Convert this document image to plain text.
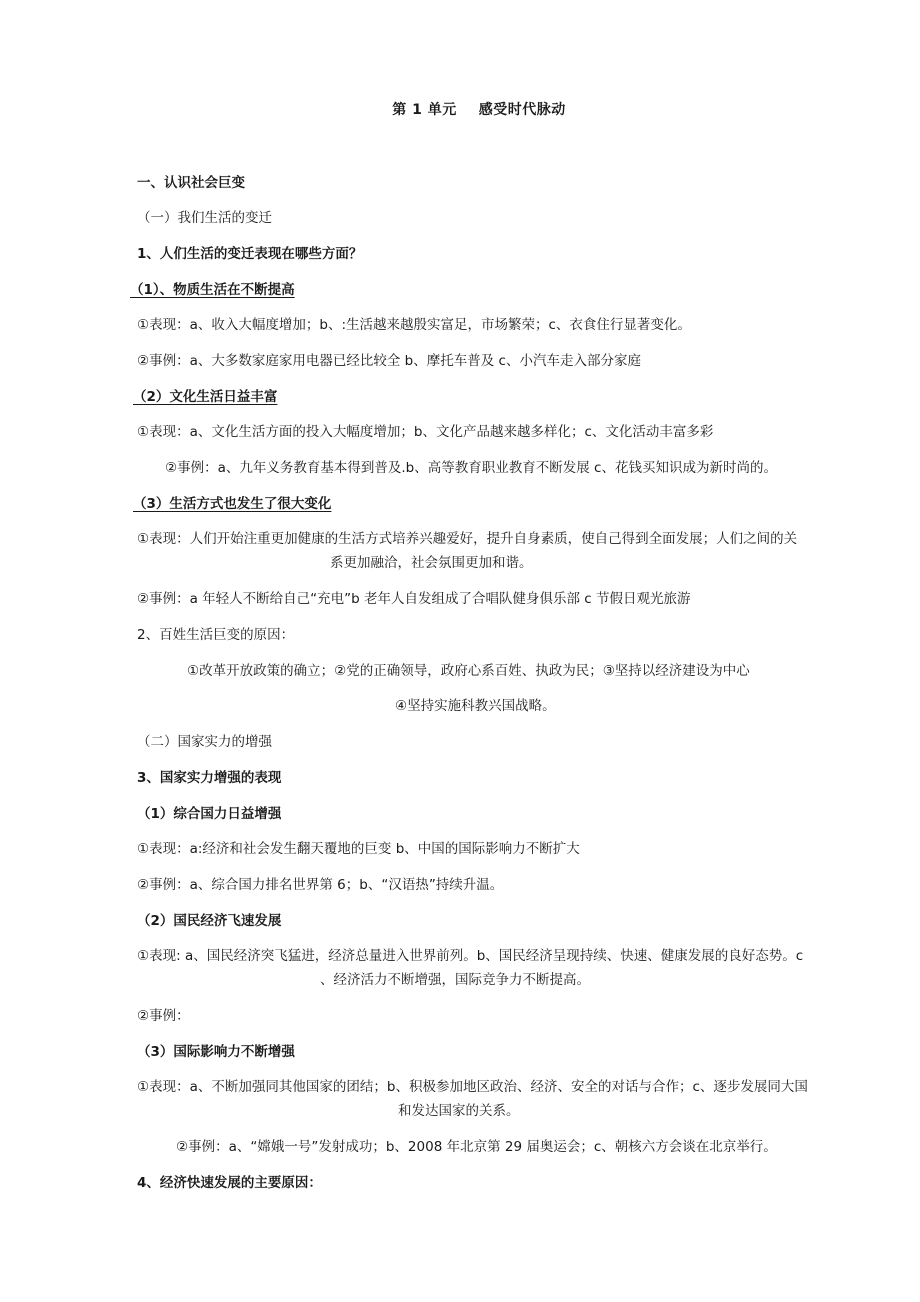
第 1 单元 感受时代脉动
一、认识社会巨变
（一）我们生活的变迁
1、人们生活的变迁表现在哪些方面？
（1）、物质生活在不断提高
①表现：a、收入大幅度增加；b、:生活越来越殷实富足，市场繁荣；c、衣食住行显著变化。
②事例：a、大多数家庭家用电器已经比较全 b、摩托车普及 c、小汽车走入部分家庭
（2）文化生活日益丰富
①表现：a、文化生活方面的投入大幅度增加；b、文化产品越来越多样化；c、文化活动丰富多彩
②事例：a、九年义务教育基本得到普及.b、高等教育职业教育不断发展 c、花钱买知识成为新时尚的。
（3）生活方式也发生了很大变化
①表现：人们开始注重更加健康的生活方式培养兴趣爱好，提升自身素质，使自己得到全面发展；人们之间的关
系更加融洽，社会氛围更加和谐。
②事例：a 年轻人不断给自己“充电”b 老年人自发组成了合唱队健身俱乐部 c 节假日观光旅游
2、百姓生活巨变的原因：
①改革开放政策的确立；②党的正确领导，政府心系百姓、执政为民；③坚持以经济建设为中心
④坚持实施科教兴国战略。
（二）国家实力的增强
3、国家实力增强的表现
（1）综合国力日益增强
①表现：a:经济和社会发生翻天覆地的巨变 b、中国的国际影响力不断扩大
②事例：a、综合国力排名世界第 6；b、“汉语热”持续升温。
（2）国民经济飞速发展
①表现: a、国民经济突飞猛进，经济总量进入世界前列。b、国民经济呈现持续、快速、健康发展的良好态势。c
、经济活力不断增强，国际竞争力不断提高。
②事例：
（3）国际影响力不断增强
①表现：a、不断加强同其他国家的团结；b、积极参加地区政治、经济、安全的对话与合作；c、逐步发展同大国
和发达国家的关系。
②事例：a、“嫦娥一号”发射成功；b、2008 年北京第 29 届奥运会；c、朝核六方会谈在北京举行。
4、经济快速发展的主要原因：
